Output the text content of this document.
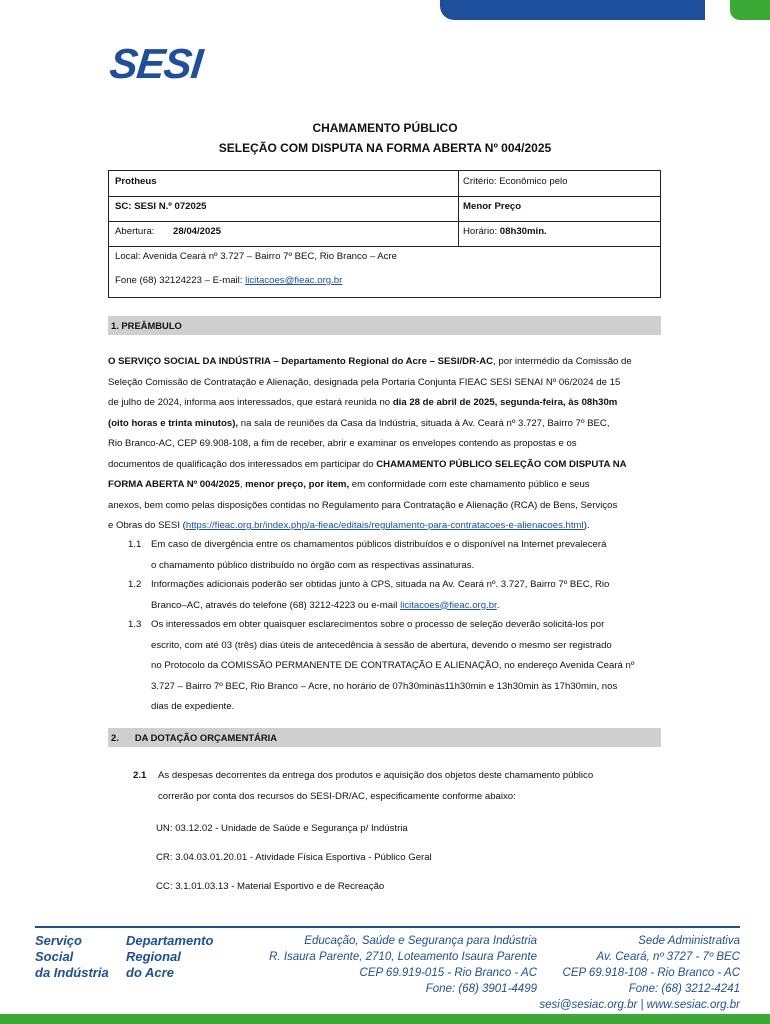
SESI
CHAMAMENTO PÚBLICO
SELEÇÃO COM DISPUTA NA FORMA ABERTA Nº 004/2025
Protheus	Critério: Econômico pelo
SC: SESI N.º 072025	Menor Preço
Abertura: 28/04/2025	Horário: 08h30min.
Local: Avenida Ceará nº 3.727 – Bairro 7º BEC, Rio Branco – Acre
Fone (68) 32124223 – E-mail: licitacoes@fieac.org.br
1. PREÂMBULO
O SERVIÇO SOCIAL DA INDÚSTRIA – Departamento Regional do Acre – SESI/DR-AC, por intermédio da Comissão de
Seleção Comissão de Contratação e Alienação, designada pela Portaria Conjunta FIEAC SESI SENAI Nº 06/2024 de 15
de julho de 2024, informa aos interessados, que estará reunida no dia 28 de abril de 2025, segunda-feira, às 08h30m
(oito horas e trinta minutos), na sala de reuniões da Casa da Indústria, situada à Av. Ceará nº 3.727, Bairro 7º BEC,
Rio Branco-AC, CEP 69.908-108, a fim de receber, abrir e examinar os envelopes contendo as propostas e os
documentos de qualificação dos interessados em participar do CHAMAMENTO PÚBLICO SELEÇÃO COM DISPUTA NA
FORMA ABERTA Nº 004/2025, menor preço, por item, em conformidade com este chamamento público e seus
anexos, bem como pelas disposições contidas no Regulamento para Contratação e Alienação (RCA) de Bens, Serviços
e Obras do SESI (https://fieac.org.br/index.php/a-fieac/editais/regulamento-para-contratacoes-e-alienacoes.html).
1.1 Em caso de divergência entre os chamamentos públicos distribuídos e o disponível na Internet prevalecerá
o chamamento público distribuído no órgão com as respectivas assinaturas.
1.2 Informações adicionais poderão ser obtidas junto à CPS, situada na Av. Ceará nº. 3.727, Bairro 7º BEC, Rio
Branco–AC, através do telefone (68) 3212-4223 ou e-mail licitacoes@fieac.org.br.
1.3 Os interessados em obter quaisquer esclarecimentos sobre o processo de seleção deverão solicitá-los por
escrito, com até 03 (três) dias úteis de antecedência à sessão de abertura, devendo o mesmo ser registrado
no Protocolo da COMISSÃO PERMANENTE DE CONTRATAÇÃO E ALIENAÇÃO, no endereço Avenida Ceará nº
3.727 – Bairro 7º BEC, Rio Branco – Acre, no horário de 07h30minàs11h30min e 13h30min às 17h30min, nos
dias de expediente.
2. DA DOTAÇÃO ORÇAMENTÁRIA
2.1 As despesas decorrentes da entrega dos produtos e aquisição dos objetos deste chamamento público
correrão por conta dos recursos do SESI-DR/AC, especificamente conforme abaixo:
UN: 03.12.02 - Unidade de Saúde e Segurança p/ Indústria
CR: 3.04.03.01.20.01 - Atividade Física Esportiva - Público Geral
CC: 3.1.01.03.13 - Material Esportivo e de Recreação
Serviço
Social
da Indústria
Departamento
Regional
do Acre
Educação, Saúde e Segurança para Indústria
R. Isaura Parente, 2710, Loteamento Isaura Parente
CEP 69.919-015 - Rio Branco - AC
Fone: (68) 3901-4499
Sede Administrativa
Av. Ceará, nº 3727 - 7º BEC
CEP 69.918-108 - Rio Branco - AC
Fone: (68) 3212-4241
sesi@sesiac.org.br | www.sesiac.org.br
